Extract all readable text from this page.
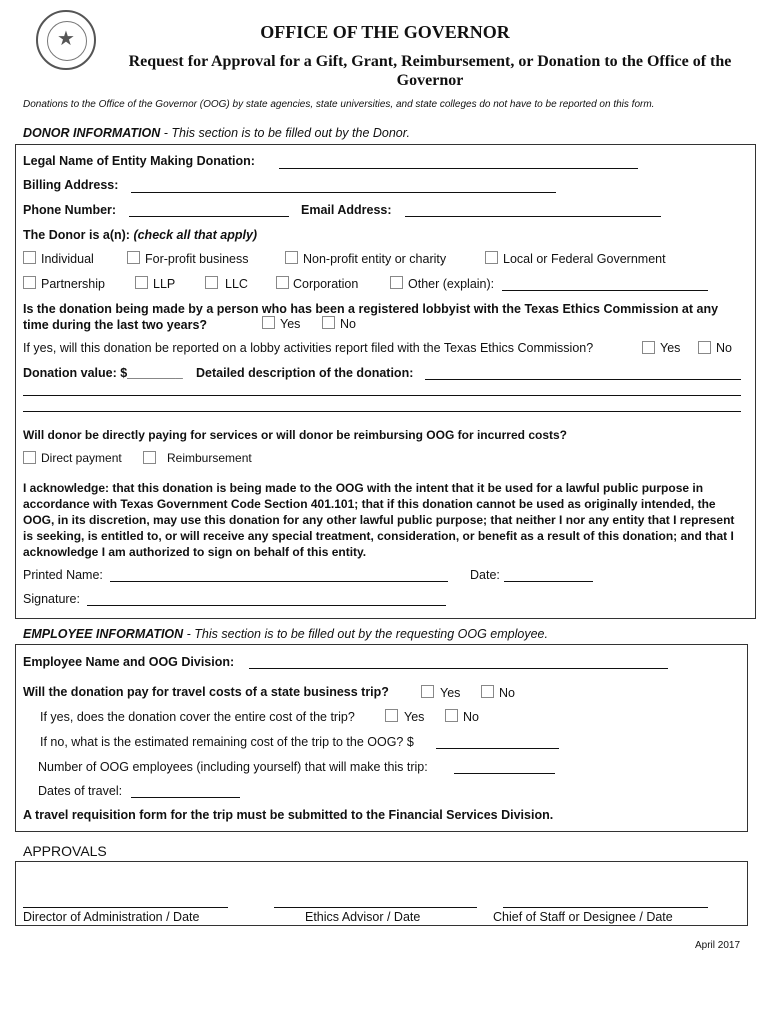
★	OFFICE OF THE GOVERNOR
Request for Approval for a Gift, Grant, Reimbursement, or Donation to the Office of the Governor
Donations to the Office of the Governor (OOG) by state agencies, state universities, and state colleges do not have to be reported on this form.
DONOR INFORMATION - This section is to be filled out by the Donor.
Legal Name of Entity Making Donation:
Billing Address:
Phone Number:	Email Address:
The Donor is a(n): (check all that apply)
Individual	For-profit business	Non-profit entity or charity	Local or Federal Government
Partnership	LLP	LLC	Corporation	Other (explain):
Is the donation being made by a person who has been a registered lobbyist with the Texas Ethics Commission at any time during the last two years?	Yes	No
If yes, will this donation be reported on a lobby activities report filed with the Texas Ethics Commission?	Yes	No
Donation value: $________ Detailed description of the donation:
Will donor be directly paying for services or will donor be reimbursing OOG for incurred costs?
Direct payment	Reimbursement
I acknowledge: that this donation is being made to the OOG with the intent that it be used for a lawful public purpose in accordance with Texas Government Code Section 401.101; that if this donation cannot be used as originally intended, the OOG, in its discretion, may use this donation for any other lawful public purpose; that neither I nor any entity that I represent is seeking, is entitled to, or will receive any special treatment, consideration, or benefit as a result of this donation; and that I acknowledge I am authorized to sign on behalf of this entity.
Printed Name:	Date:
Signature:
EMPLOYEE INFORMATION - This section is to be filled out by the requesting OOG employee.
Employee Name and OOG Division:
Will the donation pay for travel costs of a state business trip?	Yes	No
If yes, does the donation cover the entire cost of the trip?	Yes	No
If no, what is the estimated remaining cost of the trip to the OOG? $
Number of OOG employees (including yourself) that will make this trip:
Dates of travel:
A travel requisition form for the trip must be submitted to the Financial Services Division.
APPROVALS
Director of Administration / Date	Ethics Advisor / Date	Chief of Staff or Designee / Date
April 2017
